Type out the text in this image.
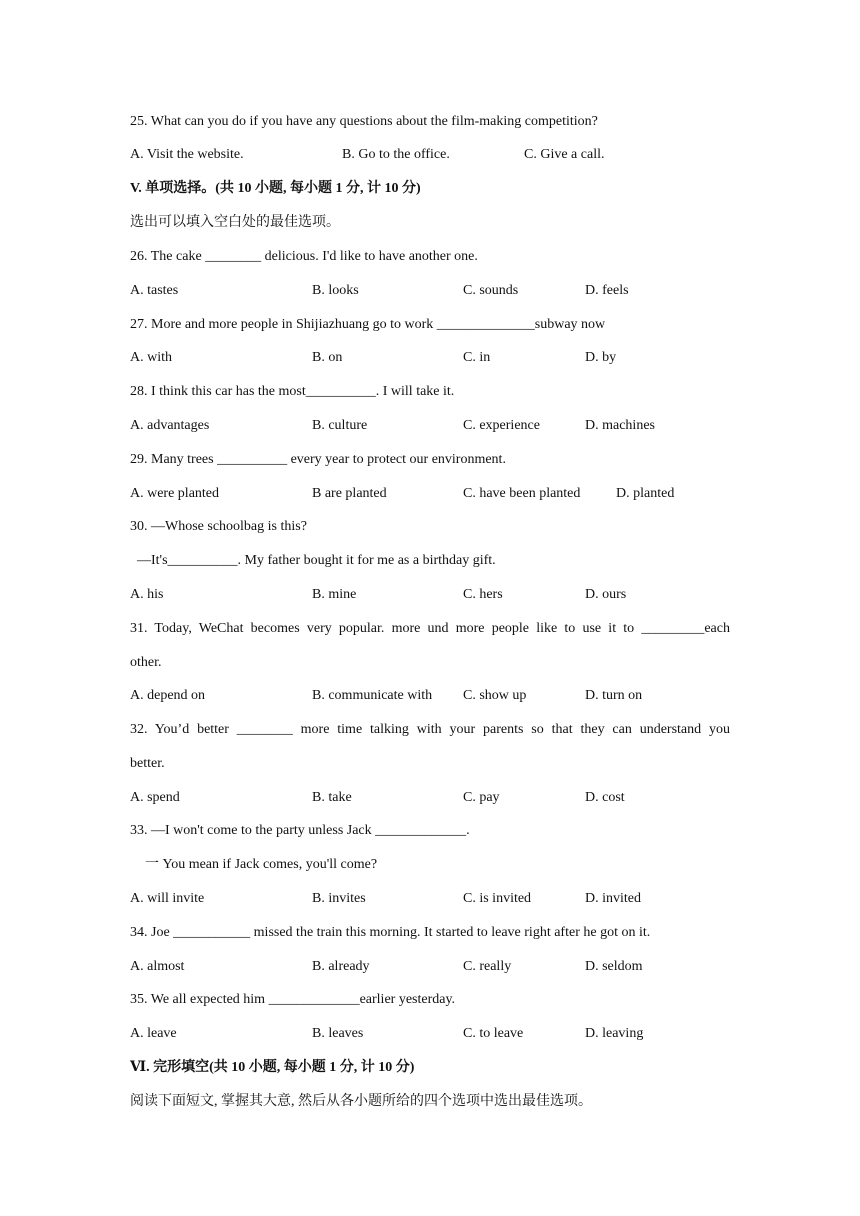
25. What can you do if you have any questions about the film-making competition?
A. Visit the website.	B. Go to the office.	C. Give a call.
V. 单项选择。(共 10 小题, 每小题 1 分, 计 10 分)
选出可以填入空白处的最佳选项。
26. The cake ________ delicious. I'd like to have another one.
A. tastes	B. looks	C. sounds	D. feels
27. More and more people in Shijiazhuang go to work ______________subway now
A. with	B. on	C. in	D. by
28. I think this car has the most__________. I will take it.
A. advantages	B. culture	C. experience	D. machines
29. Many trees __________ every year to protect our environment.
A. were planted	B are planted	C. have been planted	D. planted
30. —Whose schoolbag is this?
—It's__________. My father bought it for me as a birthday gift.
A. his	B. mine	C. hers	D. ours
31. Today, WeChat becomes very popular. more und more people like to use it to _________each
other.
A. depend on	B. communicate with C. show up	D. turn on
32. You’d better ________ more time talking with your parents so that they can understand you
better.
A. spend	B. take	C. pay	D. cost
33. —I won't come to the party unless Jack _____________.
一 You mean if Jack comes, you'll come?
A. will invite	B. invites	C. is invited	D. invited
34. Joe ___________ missed the train this morning. It started to leave right after he got on it.
A. almost	B. already	C. really	D. seldom
35. We all expected him _____________earlier yesterday.
A. leave	B. leaves	C. to leave	D. leaving
Ⅵ. 完形填空(共 10 小题, 每小题 1 分, 计 10 分)
阅读下面短文, 掌握其大意, 然后从各小题所给的四个选项中选出最佳选项。
